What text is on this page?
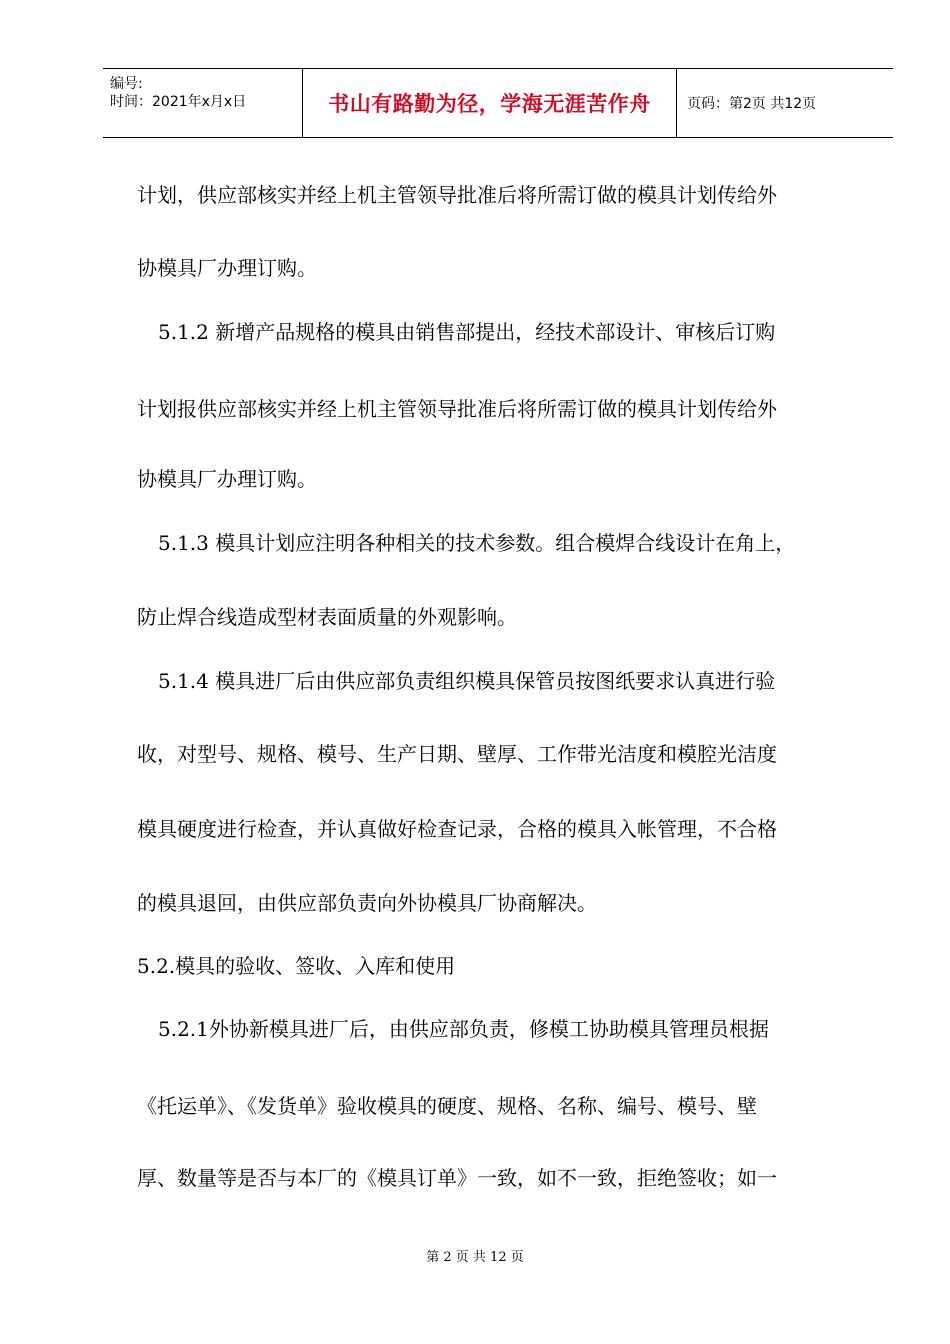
编号:
时间：2021年x月x日	书山有路勤为径，学海无涯苦作舟	页码：第2页 共12页
计划，供应部核实并经上机主管领导批准后将所需订做的模具计划传给外
协模具厂办理订购。
5.1.2 新增产品规格的模具由销售部提出，经技术部设计、审核后订购
计划报供应部核实并经上机主管领导批准后将所需订做的模具计划传给外
协模具厂办理订购。
5.1.3 模具计划应注明各种相关的技术参数。组合模焊合线设计在角上，
防止焊合线造成型材表面质量的外观影响。
5.1.4 模具进厂后由供应部负责组织模具保管员按图纸要求认真进行验
收，对型号、规格、模号、生产日期、壁厚、工作带光洁度和模腔光洁度
模具硬度进行检查，并认真做好检查记录，合格的模具入帐管理，不合格
的模具退回，由供应部负责向外协模具厂协商解决。
5.2.模具的验收、签收、入库和使用
5.2.1外协新模具进厂后，由供应部负责，修模工协助模具管理员根据
《托运单》、《发货单》验收模具的硬度、规格、名称、编号、模号、壁
厚、数量等是否与本厂的《模具订单》一致，如不一致，拒绝签收；如一
第 2 页 共 12 页
